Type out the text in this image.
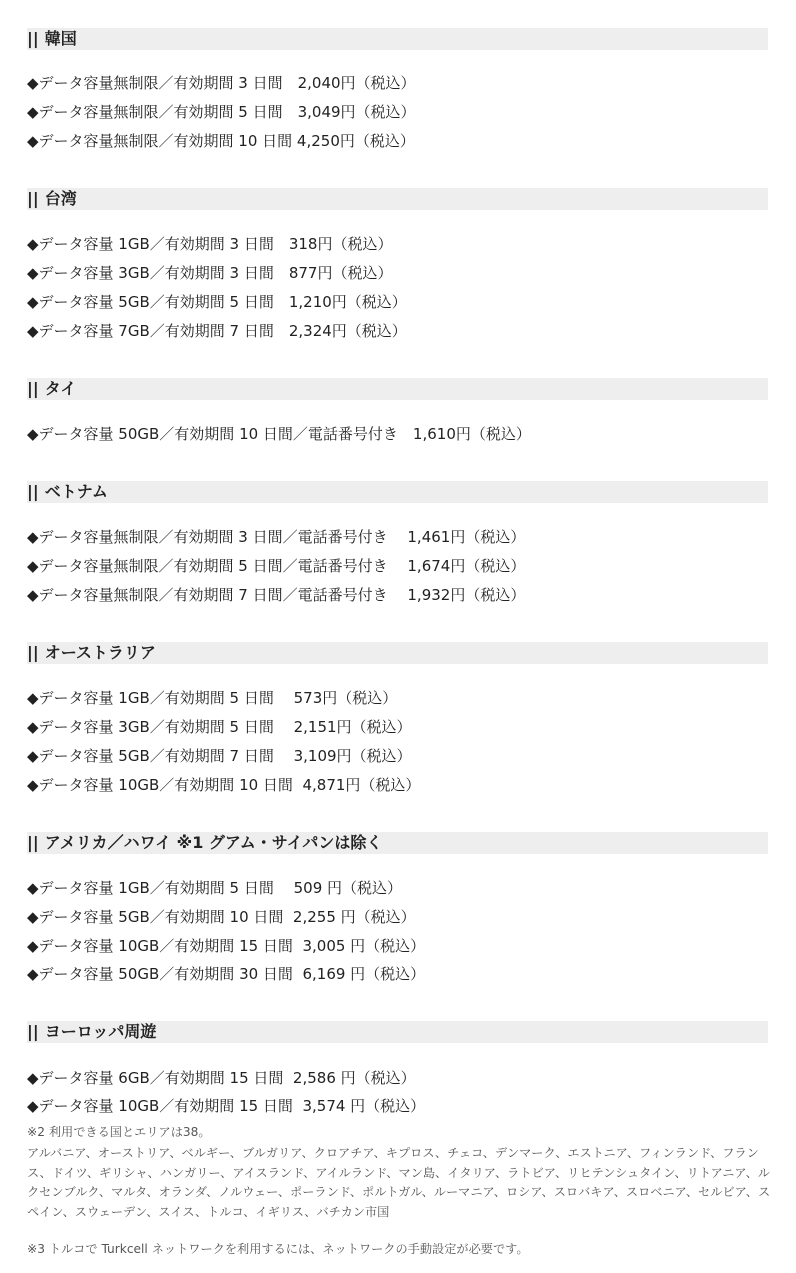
|| 韓国
◆データ容量無制限／有効期間 3 日間　2,040円（税込）
◆データ容量無制限／有効期間 5 日間　3,049円（税込）
◆データ容量無制限／有効期間 10 日間 4,250円（税込）
|| 台湾
◆データ容量 1GB／有効期間 3 日間　318円（税込）
◆データ容量 3GB／有効期間 3 日間　877円（税込）
◆データ容量 5GB／有効期間 5 日間　1,210円（税込）
◆データ容量 7GB／有効期間 7 日間　2,324円（税込）
|| タイ
◆データ容量 50GB／有効期間 10 日間／電話番号付き　1,610円（税込）
|| ベトナム
◆データ容量無制限／有効期間 3 日間／電話番号付き　 1,461円（税込）
◆データ容量無制限／有効期間 5 日間／電話番号付き　 1,674円（税込）
◆データ容量無制限／有効期間 7 日間／電話番号付き　 1,932円（税込）
|| オーストラリア
◆データ容量 1GB／有効期間 5 日間　 573円（税込）
◆データ容量 3GB／有効期間 5 日間　 2,151円（税込）
◆データ容量 5GB／有効期間 7 日間　 3,109円（税込）
◆データ容量 10GB／有効期間 10 日間  4,871円（税込）
|| アメリカ／ハワイ ※1 グアム・サイパンは除く
◆データ容量 1GB／有効期間 5 日間　 509 円（税込）
◆データ容量 5GB／有効期間 10 日間  2,255 円（税込）
◆データ容量 10GB／有効期間 15 日間  3,005 円（税込）
◆データ容量 50GB／有効期間 30 日間  6,169 円（税込）
|| ヨーロッパ周遊
◆データ容量 6GB／有効期間 15 日間  2,586 円（税込）
◆データ容量 10GB／有効期間 15 日間  3,574 円（税込）
※2 利用できる国とエリアは38。
アルバニア、オーストリア、ベルギー、ブルガリア、クロアチア、キプロス、チェコ、デンマーク、エストニア、フィンランド、フランス、ドイツ、ギリシャ、ハンガリー、アイスランド、アイルランド、マン島、イタリア、ラトビア、リヒテンシュタイン、リトアニア、ルクセンブルク、マルタ、オランダ、ノルウェー、ポーランド、ポルトガル、ルーマニア、ロシア、スロバキア、スロベニア、セルビア、スペイン、スウェーデン、スイス、トルコ、イギリス、バチカン市国
※3 トルコで Turkcell ネットワークを利用するには、ネットワークの手動設定が必要です。
